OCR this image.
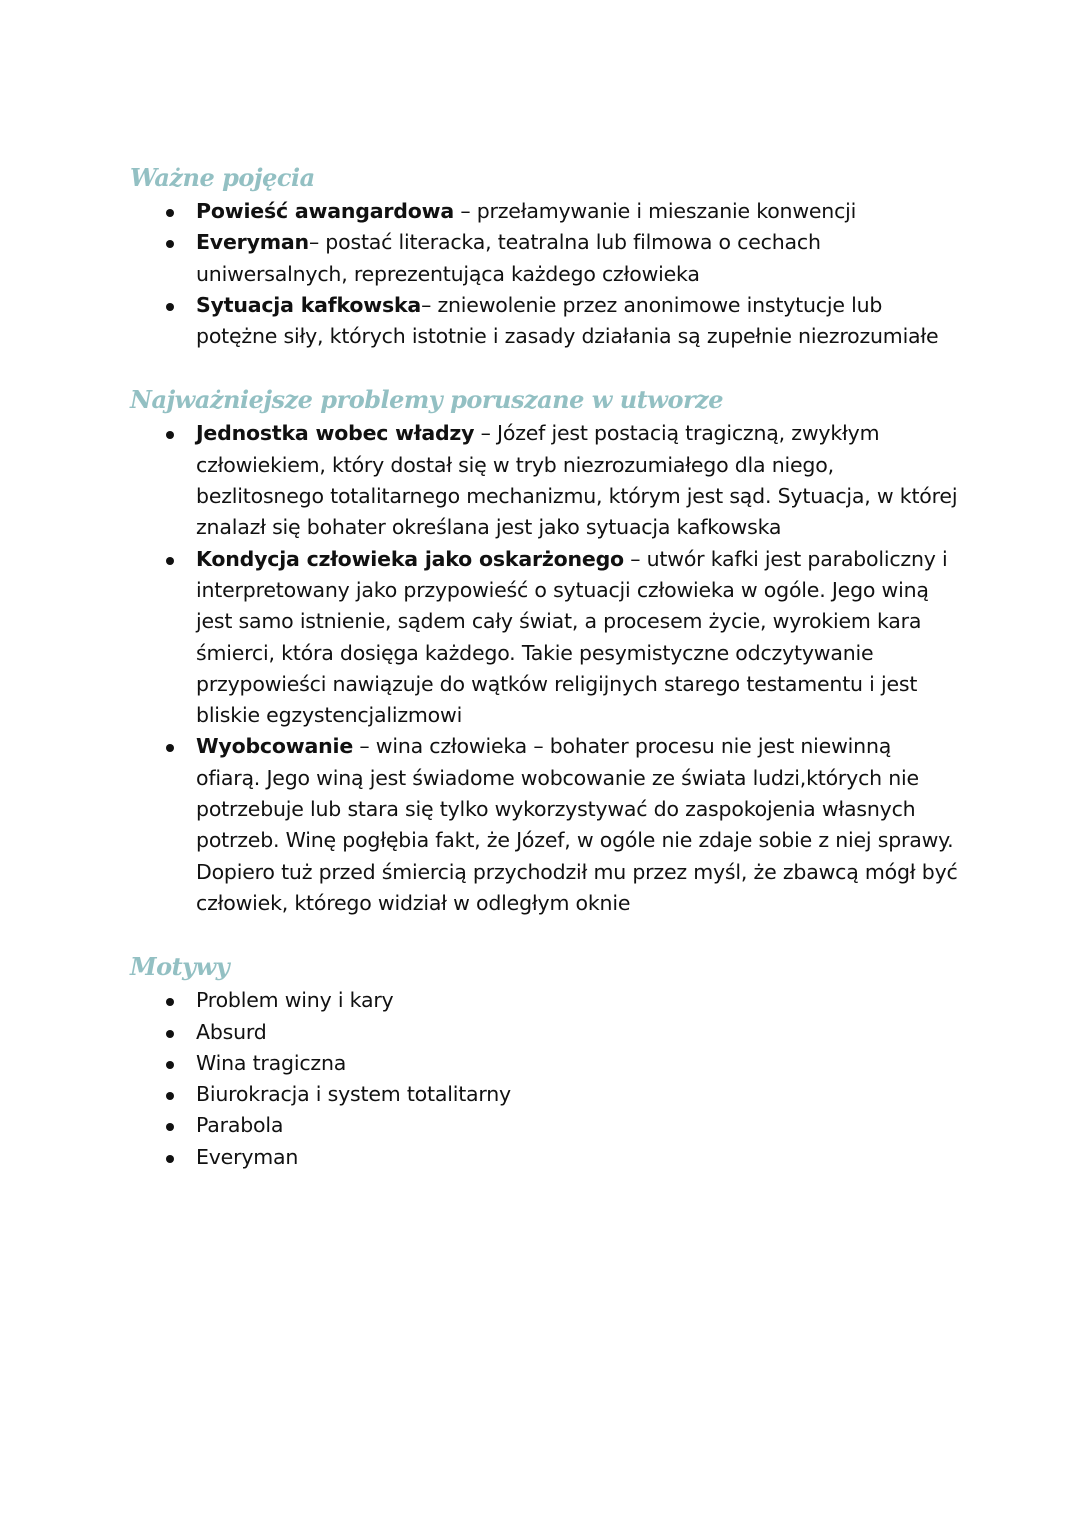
Ważne pojęcia
Powieść awangardowa – przełamywanie i mieszanie konwencji
Everyman– postać literacka, teatralna lub filmowa o cechach uniwersalnych, reprezentująca każdego człowieka
Sytuacja kafkowska– zniewolenie przez anonimowe instytucje lub potężne siły, których istotnie i zasady działania są zupełnie niezrozumiałe
Najważniejsze problemy poruszane w utworze
Jednostka wobec władzy – Józef jest postacią tragiczną, zwykłym człowiekiem, który dostał się w tryb niezrozumiałego dla niego, bezlitosnego totalitarnego mechanizmu, którym jest sąd. Sytuacja, w której znalazł się bohater określana jest jako sytuacja kafkowska
Kondycja człowieka jako oskarżonego – utwór kafki jest paraboliczny i interpretowany jako przypowieść o sytuacji człowieka w ogóle. Jego winą jest samo istnienie, sądem cały świat, a procesem życie, wyrokiem kara śmierci, która dosięga każdego. Takie pesymistyczne odczytywanie przypowieści nawiązuje do wątków religijnych starego testamentu i jest bliskie egzystencjalizmowi
Wyobcowanie – wina człowieka – bohater procesu nie jest niewinną ofiarą. Jego winą jest świadome wobcowanie ze świata ludzi,których nie potrzebuje lub stara się tylko wykorzystywać do zaspokojenia własnych potrzeb. Winę pogłębia fakt, że Józef, w ogóle nie zdaje sobie z niej sprawy. Dopiero tuż przed śmiercią przychodził mu przez myśl, że zbawcą mógł być człowiek, którego widział w odległym oknie
Motywy
Problem winy i kary
Absurd
Wina tragiczna
Biurokracja i system totalitarny
Parabola
Everyman
